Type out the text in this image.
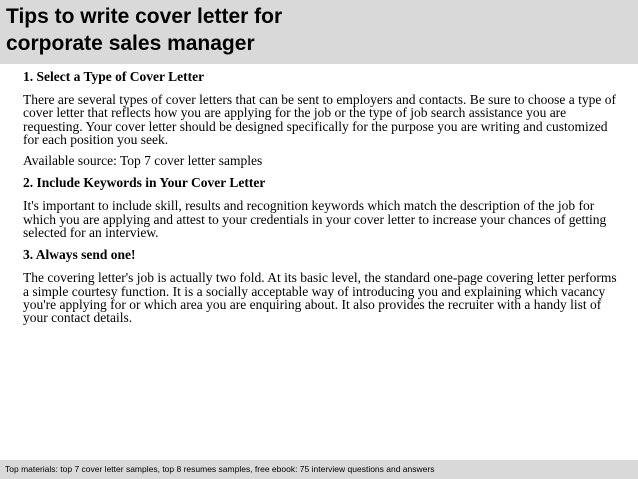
Tips to write cover letter for
corporate sales manager
1. Select a Type of Cover Letter
There are several types of cover letters that can be sent to employers and contacts. Be sure to choose a type of cover letter that reflects how you are applying for the job or the type of job search assistance you are requesting. Your cover letter should be designed specifically for the purpose you are writing and customized for each position you seek.
Available source: Top 7 cover letter samples
2. Include Keywords in Your Cover Letter
It's important to include skill, results and recognition keywords which match the description of the job for which you are applying and attest to your credentials in your cover letter to increase your chances of getting selected for an interview.
3. Always send one!
The covering letter's job is actually two fold. At its basic level, the standard one-page covering letter performs a simple courtesy function. It is a socially acceptable way of introducing you and explaining which vacancy you're applying for or which area you are enquiring about. It also provides the recruiter with a handy list of your contact details.
Top materials: top 7 cover letter samples, top 8 resumes samples, free ebook: 75 interview questions and answers
